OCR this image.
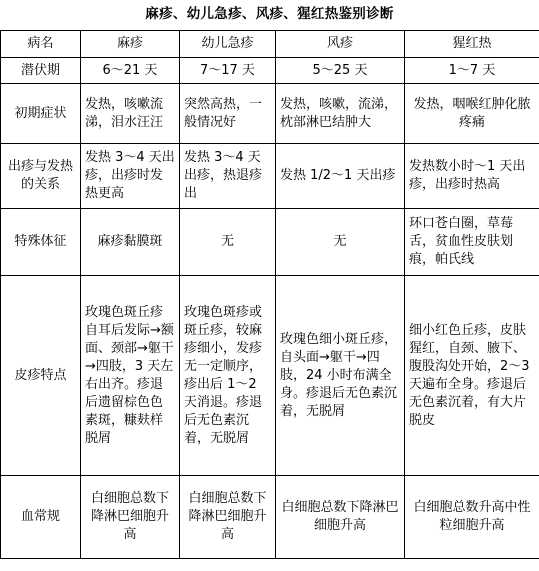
麻疹、幼儿急疹、风疹、猩红热鉴别诊断
病名	麻疹	幼儿急疹	风疹	猩红热
潜伏期	6～21 天	7～17 天	5～25 天	1～7 天
初期症状	发热，咳嗽流涕，泪水汪汪	突然高热，一般情况好	发热，咳嗽，流涕，枕部淋巴结肿大	发热，咽喉红肿化脓疼痛
出疹与发热的关系	发热 3～4 天出疹，出疹时发热更高	发热 3～4 天出疹，热退疹出	发热 1/2～1 天出疹	发热数小时～1 天出疹，出疹时热高
特殊体征	麻疹黏膜斑	无	无	环口苍白圈，草莓舌，贫血性皮肤划痕，帕氏线
皮疹特点	玫瑰色斑丘疹自耳后发际→额面、颈部→躯干→四肢，3 天左右出齐。疹退后遗留棕色色素斑，糠麸样脱屑	玫瑰色斑疹或斑丘疹，较麻疹细小，发疹无一定顺序，疹出后 1～2 天消退。疹退后无色素沉着，无脱屑	玫瑰色细小斑丘疹，自头面→躯干→四肢，24 小时布满全身。疹退后无色素沉着，无脱屑	细小红色丘疹，皮肤猩红，自颈、腋下、腹股沟处开始，2～3 天遍布全身。疹退后无色素沉着，有大片脱皮
血常规	白细胞总数下降淋巴细胞升高	白细胞总数下降淋巴细胞升高	白细胞总数下降淋巴细胞升高	白细胞总数升高中性粒细胞升高
